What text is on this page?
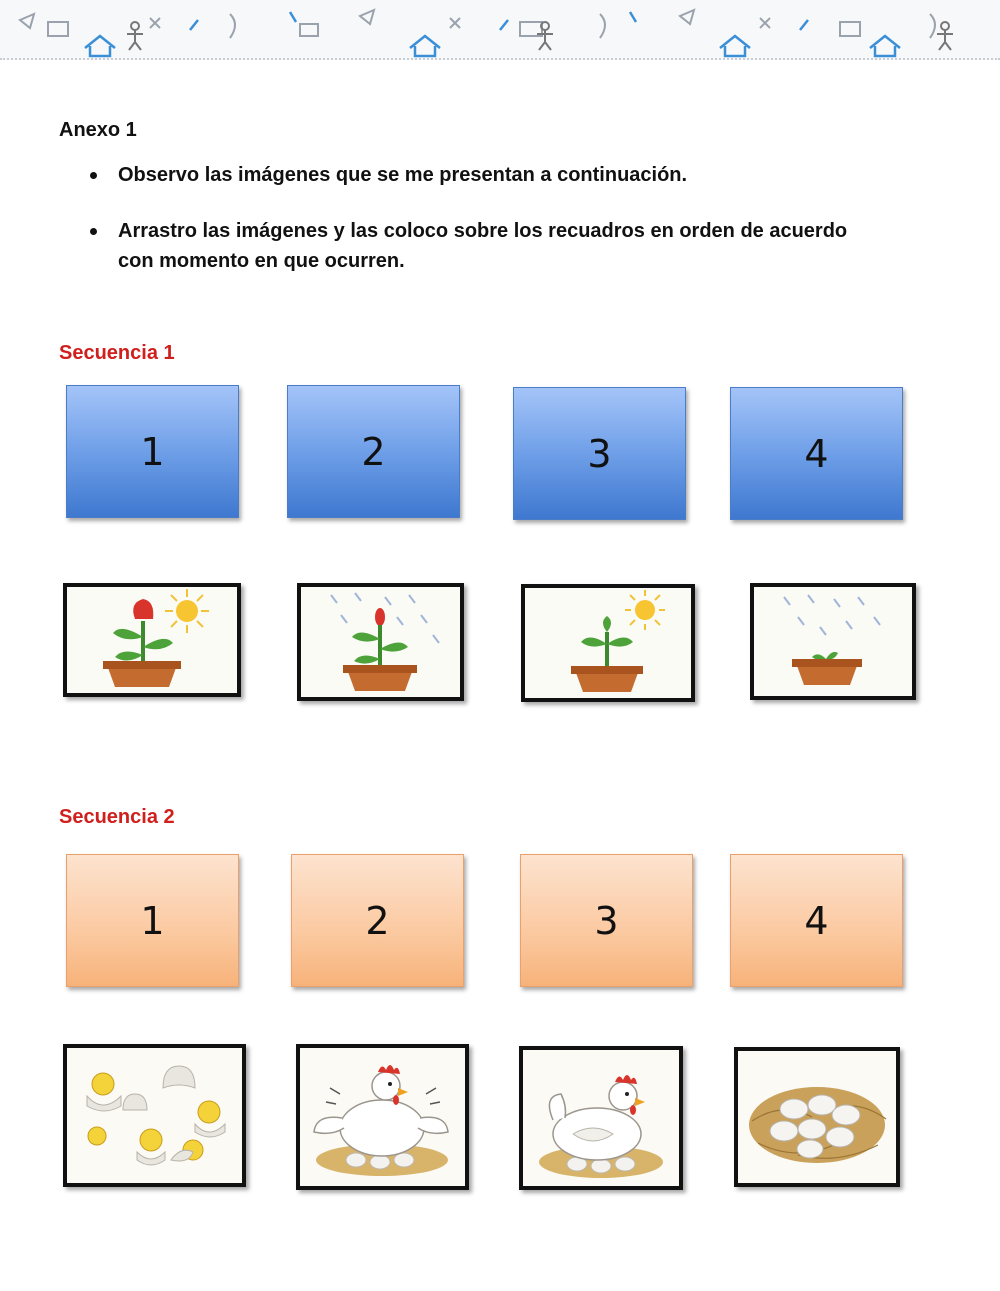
Anexo 1
Observo las imágenes que se me presentan a continuación.
Arrastro las imágenes y las coloco sobre los recuadros en orden de acuerdo con momento en que ocurren.
Secuencia 1
1	2	3	4
Secuencia 2
1	2	3	4
